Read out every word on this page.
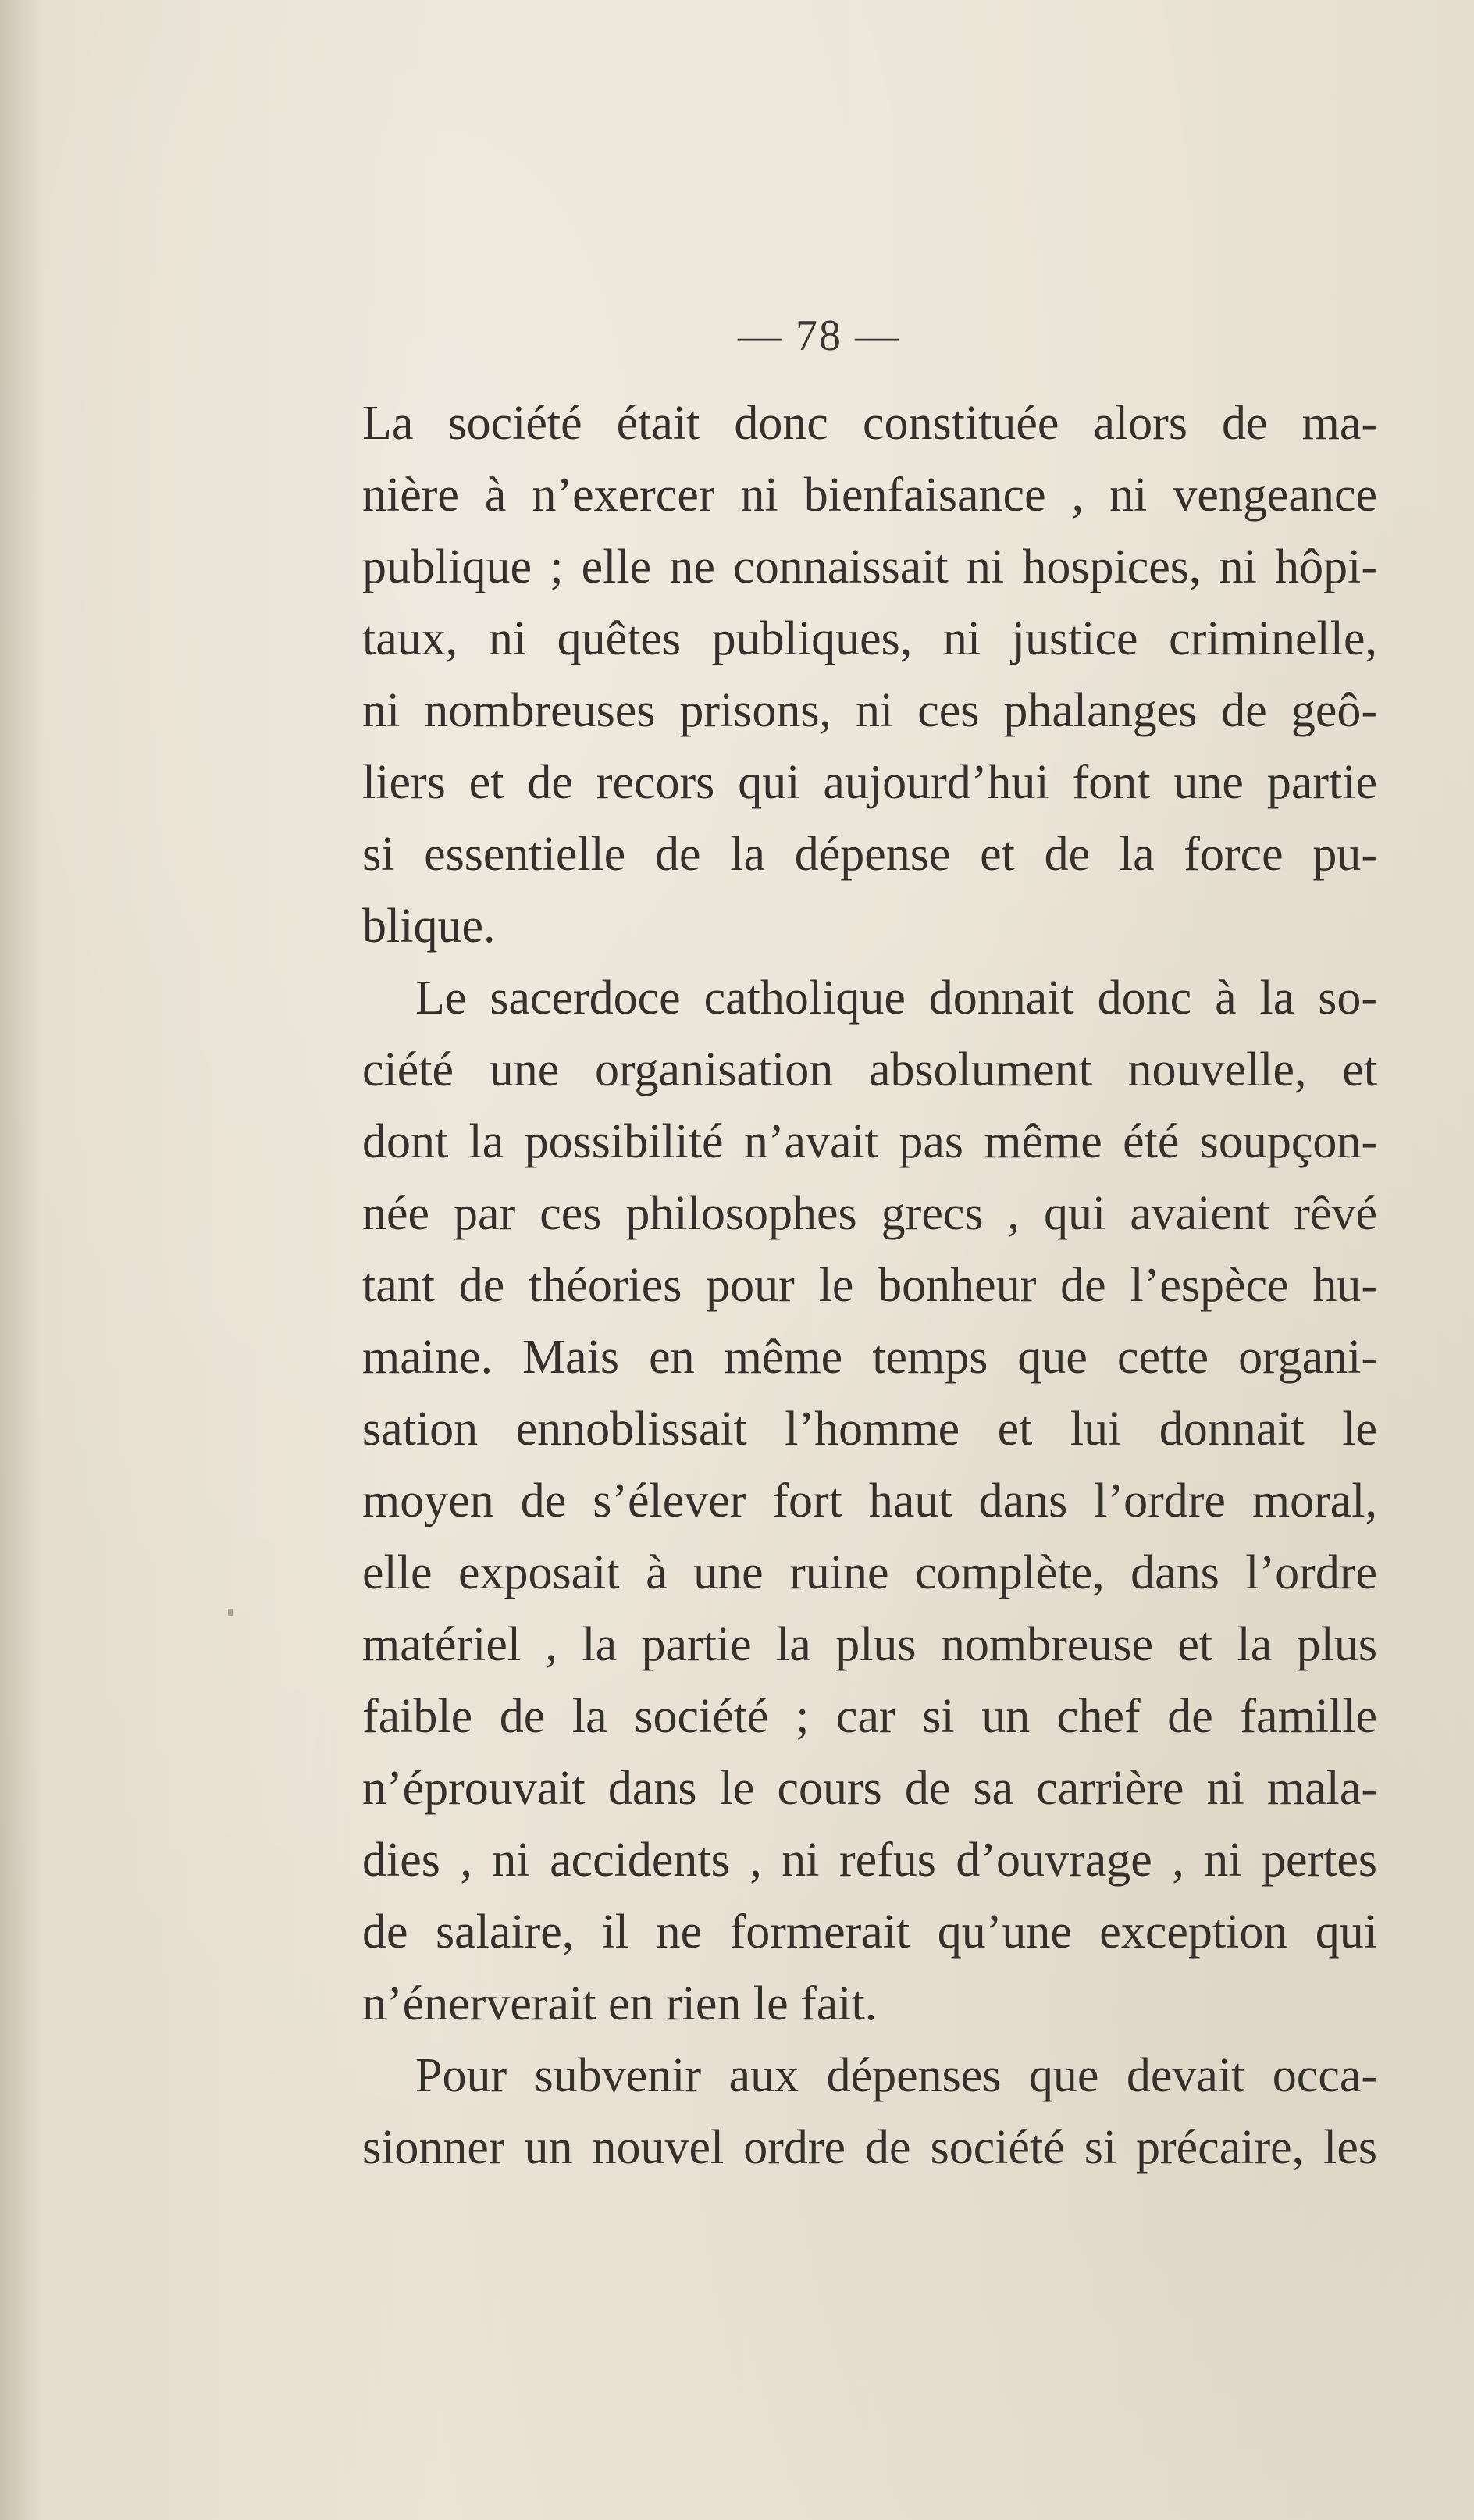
— 78 —
La société était donc constituée alors de ma-
nière à n’exercer ni bienfaisance , ni vengeance
publique ; elle ne connaissait ni hospices, ni hôpi-
taux, ni quêtes publiques, ni justice criminelle,
ni nombreuses prisons, ni ces phalanges de geô-
liers et de recors qui aujourd’hui font une partie
si essentielle de la dépense et de la force pu-
blique.
Le sacerdoce catholique donnait donc à la so-
ciété une organisation absolument nouvelle, et
dont la possibilité n’avait pas même été soupçon-
née par ces philosophes grecs , qui avaient rêvé
tant de théories pour le bonheur de l’espèce hu-
maine. Mais en même temps que cette organi-
sation ennoblissait l’homme et lui donnait le
moyen de s’élever fort haut dans l’ordre moral,
elle exposait à une ruine complète, dans l’ordre
matériel , la partie la plus nombreuse et la plus
faible de la société ; car si un chef de famille
n’éprouvait dans le cours de sa carrière ni mala-
dies , ni accidents , ni refus d’ouvrage , ni pertes
de salaire, il ne formerait qu’une exception qui
n’énerverait en rien le fait.
Pour subvenir aux dépenses que devait occa-
sionner un nouvel ordre de société si précaire, les
